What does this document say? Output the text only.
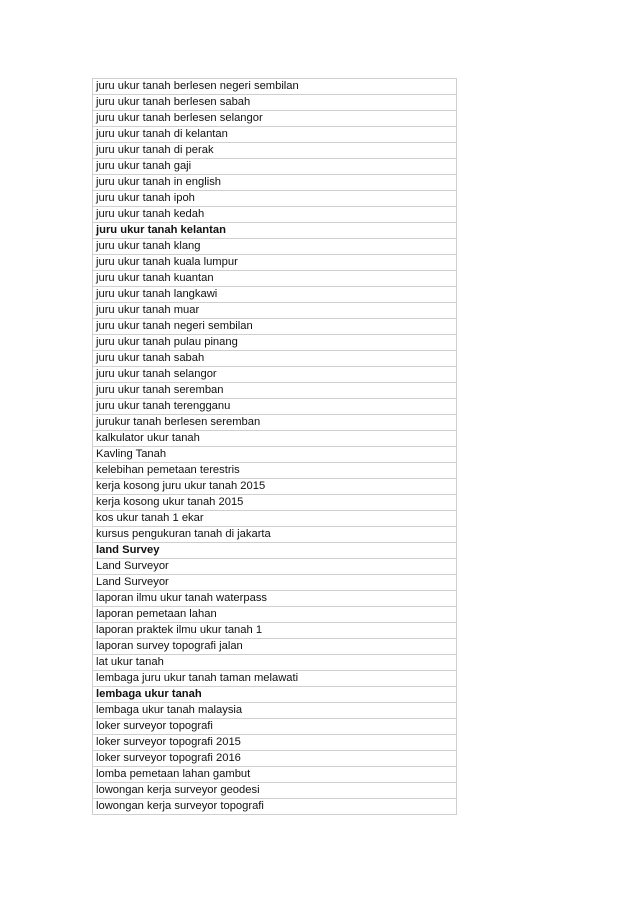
juru ukur tanah berlesen negeri sembilan
juru ukur tanah berlesen sabah
juru ukur tanah berlesen selangor
juru ukur tanah di kelantan
juru ukur tanah di perak
juru ukur tanah gaji
juru ukur tanah in english
juru ukur tanah ipoh
juru ukur tanah kedah
juru ukur tanah kelantan
juru ukur tanah klang
juru ukur tanah kuala lumpur
juru ukur tanah kuantan
juru ukur tanah langkawi
juru ukur tanah muar
juru ukur tanah negeri sembilan
juru ukur tanah pulau pinang
juru ukur tanah sabah
juru ukur tanah selangor
juru ukur tanah seremban
juru ukur tanah terengganu
jurukur tanah berlesen seremban
kalkulator ukur tanah
Kavling Tanah
kelebihan pemetaan terestris
kerja kosong juru ukur tanah 2015
kerja kosong ukur tanah 2015
kos ukur tanah 1 ekar
kursus pengukuran tanah di jakarta
land Survey
Land Surveyor
Land Surveyor
laporan ilmu ukur tanah waterpass
laporan pemetaan lahan
laporan praktek ilmu ukur tanah 1
laporan survey topografi jalan
lat ukur tanah
lembaga juru ukur tanah taman melawati
lembaga ukur tanah
lembaga ukur tanah malaysia
loker surveyor topografi
loker surveyor topografi 2015
loker surveyor topografi 2016
lomba pemetaan lahan gambut
lowongan kerja surveyor geodesi
lowongan kerja surveyor topografi
